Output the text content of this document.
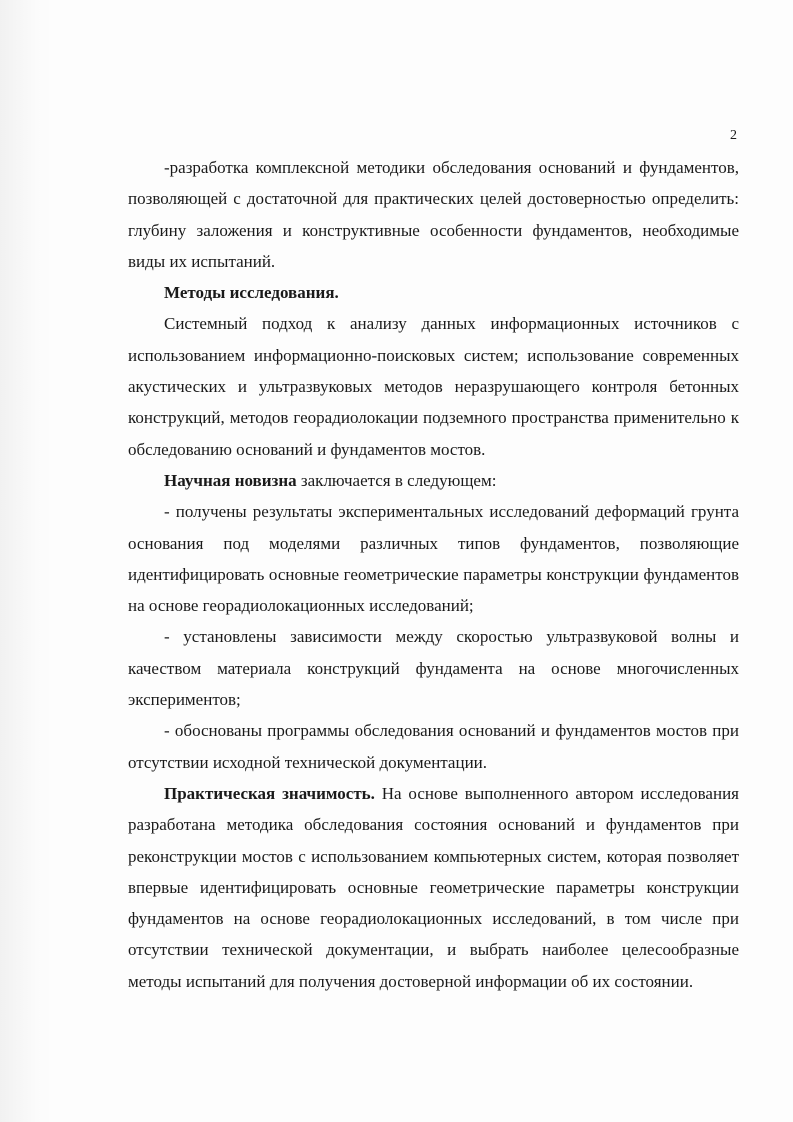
2

-разработка комплексной методики обследования оснований и фундаментов, позволяющей с достаточной для практических целей достоверностью определить: глубину заложения и конструктивные особенности фундаментов, необходимые виды их испытаний.

Методы исследования.

Системный подход к анализу данных информационных источников с использованием информационно-поисковых систем; использование современных акустических и ультразвуковых методов неразрушающего контроля бетонных конструкций, методов георадиолокации подземного пространства применительно к обследованию оснований и фундаментов мостов.

Научная новизна заключается в следующем:

- получены результаты экспериментальных исследований деформаций грунта основания под моделями различных типов фундаментов, позволяющие идентифицировать основные геометрические параметры конструкции фундаментов на основе георадиолокационных исследований;

- установлены зависимости между скоростью ультразвуковой волны и качеством материала конструкций фундамента на основе многочисленных экспериментов;

- обоснованы программы обследования оснований и фундаментов мостов при отсутствии исходной технической документации.

Практическая значимость. На основе выполненного автором исследования разработана методика обследования состояния оснований и фундаментов при реконструкции мостов с использованием компьютерных систем, которая позволяет впервые идентифицировать основные геометрические параметры конструкции фундаментов на основе георадиолокационных исследований, в том числе при отсутствии технической документации, и выбрать наиболее целесообразные методы испытаний для получения достоверной информации об их состоянии.
